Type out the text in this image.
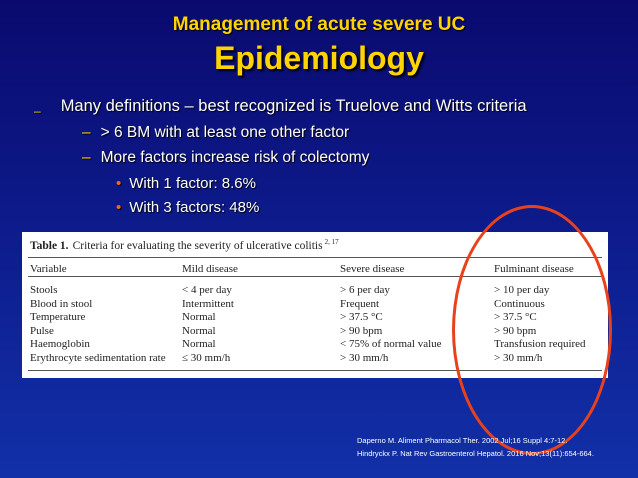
Management of acute severe UC
Epidemiology
$_-$ Many definitions – best recognized is Truelove and Witts criteria
– > 6 BM with at least one other factor
– More factors increase risk of colectomy
• With 1 factor: 8.6%
• With 3 factors: 48%
Table 1. Criteria for evaluating the severity of ulcerative colitis $^{2, 17}$
Variable	Mild disease	Severe disease	Fulminant disease
Stools	< 4 per day	> 6 per day	> 10 per day
Blood in stool	Intermittent	Frequent	Continuous
Temperature	Normal	> 37.5 °C	> 37.5 °C
Pulse	Normal	> 90 bpm	> 90 bpm
Haemoglobin	Normal	< 75% of normal value	Transfusion required
Erythrocyte sedimentation rate ≤ 30 mm/h	> 30 mm/h	> 30 mm/h
Daperno M. Aliment Pharmacol Ther. 2002 Jul;16 Suppl 4:7-12.
Hindryckx P. Nat Rev Gastroenterol Hepatol. 2016 Nov;13(11):654-664.
